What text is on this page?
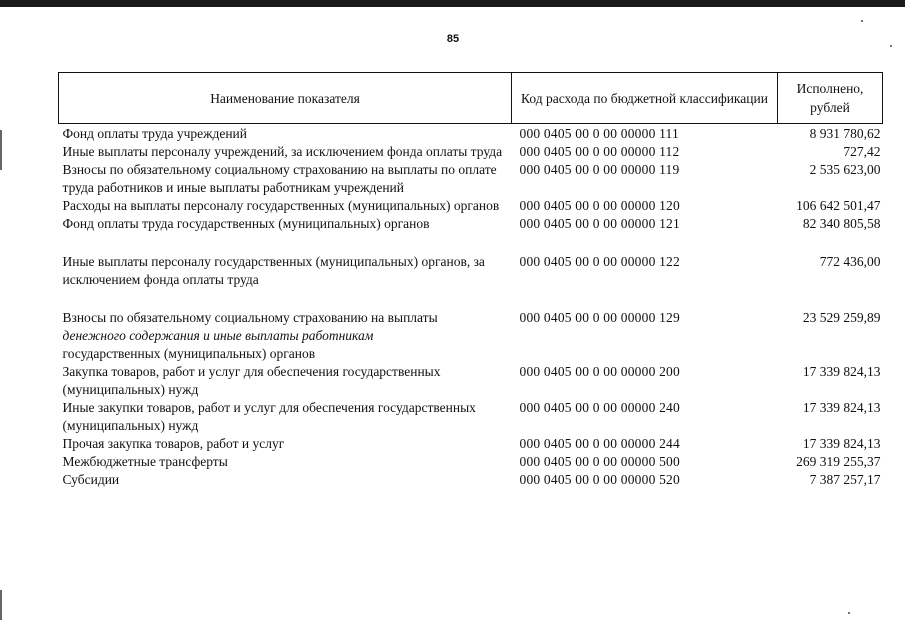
85
Наименование показателя	Код расхода по бюджетной классификации	Исполнено, рублей
Фонд оплаты труда учреждений	000 0405 00 0 00 00000 111	8 931 780,62
Иные выплаты персоналу учреждений, за исключением фонда оплаты труда	000 0405 00 0 00 00000 112	727,42
Взносы по обязательному социальному страхованию на выплаты по оплате труда работников и иные выплаты работникам учреждений	000 0405 00 0 00 00000 119	2 535 623,00
Расходы на выплаты персоналу государственных (муниципальных) органов	000 0405 00 0 00 00000 120	106 642 501,47
Фонд оплаты труда государственных (муниципальных) органов	000 0405 00 0 00 00000 121	82 340 805,58
Иные выплаты персоналу государственных (муниципальных) органов, за исключением фонда оплаты труда	000 0405 00 0 00 00000 122	772 436,00
Взносы по обязательному социальному страхованию на выплаты
денежного содержания и иные выплаты работникам
государственных (муниципальных) органов	000 0405 00 0 00 00000 129	23 529 259,89
Закупка товаров, работ и услуг для обеспечения государственных (муниципальных) нужд	000 0405 00 0 00 00000 200	17 339 824,13
Иные закупки товаров, работ и услуг для обеспечения государственных (муниципальных) нужд	000 0405 00 0 00 00000 240	17 339 824,13
Прочая закупка товаров, работ и услуг	000 0405 00 0 00 00000 244	17 339 824,13
Межбюджетные трансферты	000 0405 00 0 00 00000 500	269 319 255,37
Субсидии	000 0405 00 0 00 00000 520	7 387 257,17
